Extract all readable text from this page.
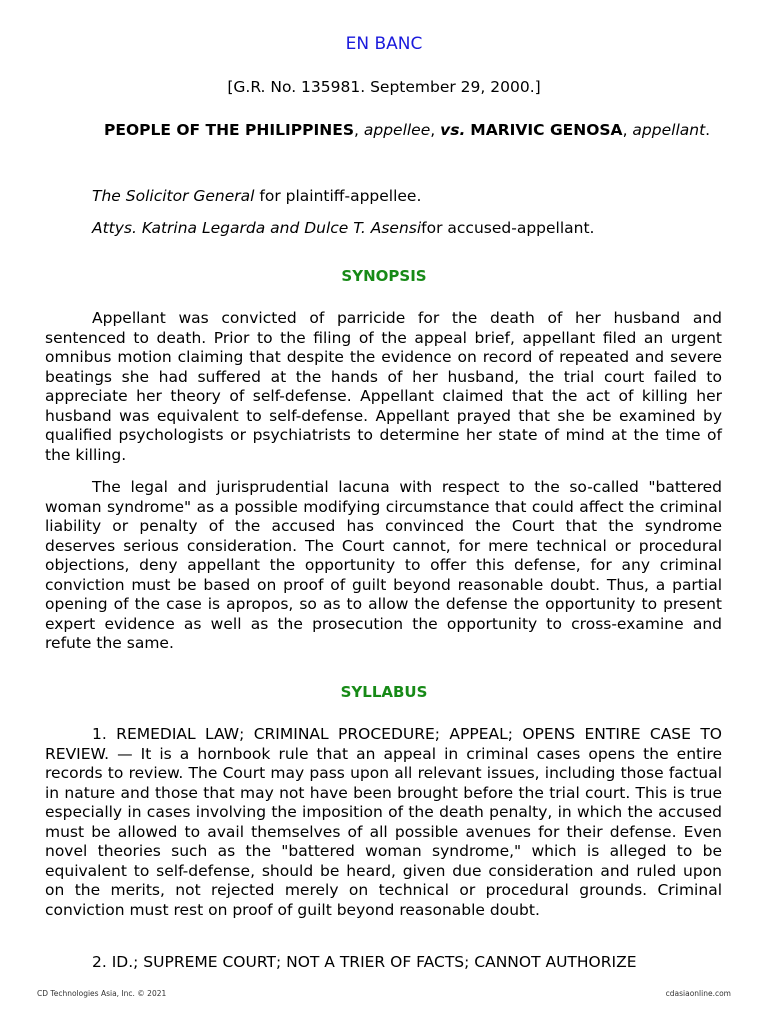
EN BANC
[G.R. No. 135981. September 29, 2000.]
PEOPLE OF THE PHILIPPINES, appellee, vs. MARIVIC GENOSA, appellant.
The Solicitor General for plaintiff-appellee.
Attys. Katrina Legarda and Dulce T. Asensifor accused-appellant.
SYNOPSIS

Appellant was convicted of parricide for the death of her husband and sentenced to death. Prior to the filing of the appeal brief, appellant filed an urgent omnibus motion claiming that despite the evidence on record of repeated and severe beatings she had suffered at the hands of her husband, the trial court failed to appreciate her theory of self-defense. Appellant claimed that the act of killing her husband was equivalent to self-defense. Appellant prayed that she be examined by qualified psychologists or psychiatrists to determine her state of mind at the time of the killing.

The legal and jurisprudential lacuna with respect to the so-called "battered woman syndrome" as a possible modifying circumstance that could affect the criminal liability or penalty of the accused has convinced the Court that the syndrome deserves serious consideration. The Court cannot, for mere technical or procedural objections, deny appellant the opportunity to offer this defense, for any criminal conviction must be based on proof of guilt beyond reasonable doubt. Thus, a partial opening of the case is apropos, so as to allow the defense the opportunity to present expert evidence as well as the prosecution the opportunity to cross-examine and refute the same.

SYLLABUS

1. REMEDIAL LAW; CRIMINAL PROCEDURE; APPEAL; OPENS ENTIRE CASE TO REVIEW. — It is a hornbook rule that an appeal in criminal cases opens the entire records to review. The Court may pass upon all relevant issues, including those factual in nature and those that may not have been brought before the trial court. This is true especially in cases involving the imposition of the death penalty, in which the accused must be allowed to avail themselves of all possible avenues for their defense. Even novel theories such as the "battered woman syndrome," which is alleged to be equivalent to self-defense, should be heard, given due consideration and ruled upon on the merits, not rejected merely on technical or procedural grounds. Criminal conviction must rest on proof of guilt beyond reasonable doubt.

2. ID.; SUPREME COURT; NOT A TRIER OF FACTS; CANNOT AUTHORIZE

CD Technologies Asia, Inc. © 2021	cdasiaonline.com
